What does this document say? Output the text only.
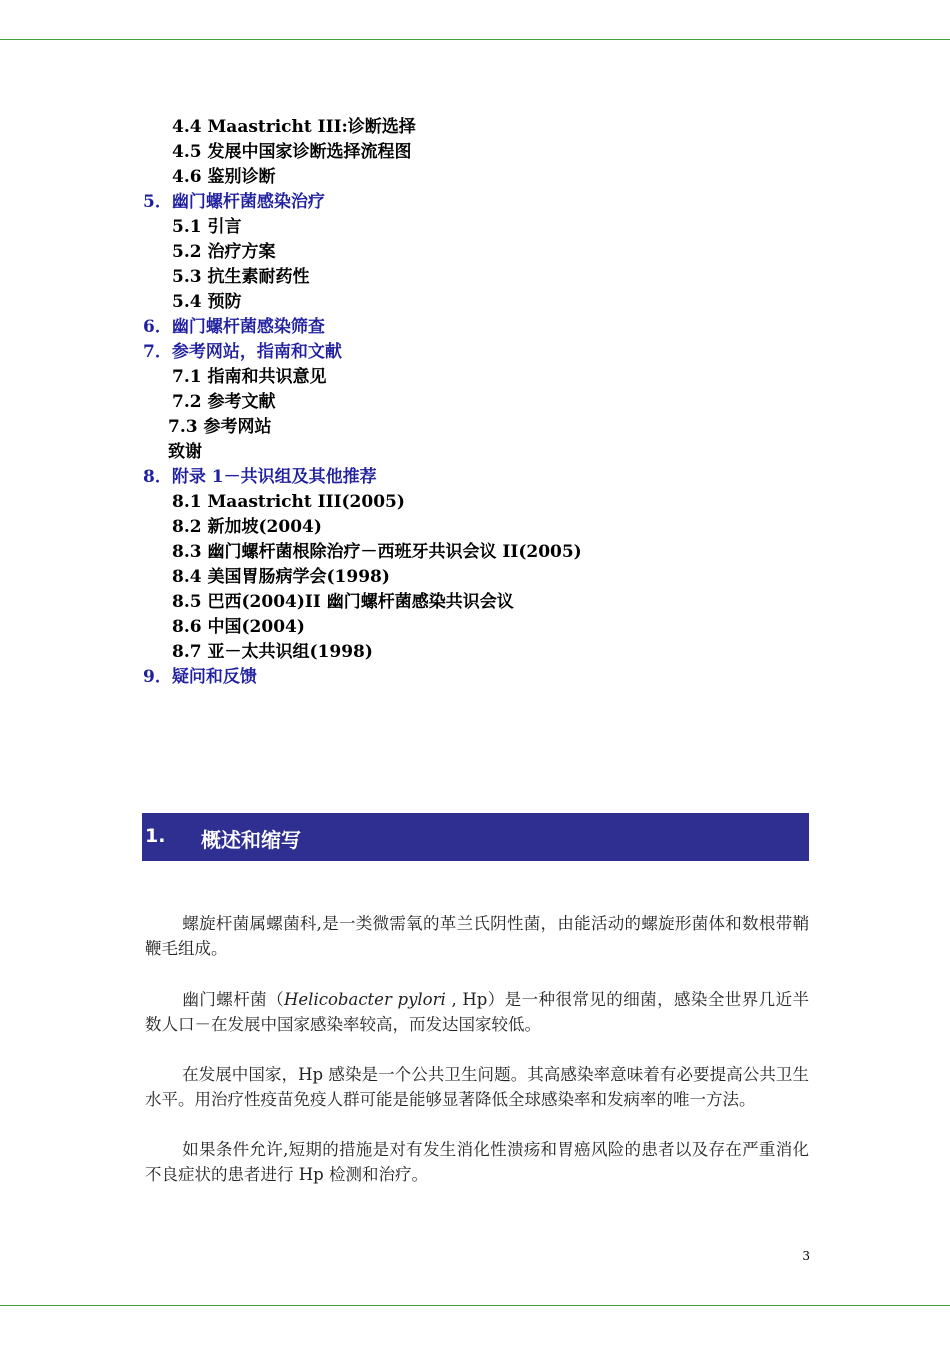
4.4 Maastricht III:诊断选择
4.5 发展中国家诊断选择流程图
4.6 鉴别诊断
5．幽门螺杆菌感染治疗
5.1 引言
5.2 治疗方案
5.3 抗生素耐药性
5.4 预防
6．幽门螺杆菌感染筛查
7．参考网站，指南和文献
7.1 指南和共识意见
7.2 参考文献
7.3 参考网站
致谢
8．附录 1－共识组及其他推荐
8.1 Maastricht III(2005)
8.2 新加坡(2004)
8.3 幽门螺杆菌根除治疗－西班牙共识会议 II(2005)
8.4 美国胃肠病学会(1998)
8.5 巴西(2004)II 幽门螺杆菌感染共识会议
8.6 中国(2004)
8.7 亚－太共识组(1998)
9．疑问和反馈
1. 概述和缩写
螺旋杆菌属螺菌科,是一类微需氧的革兰氏阴性菌，由能活动的螺旋形菌体和数根带鞘鞭毛组成。
幽门螺杆菌（Helicobacter pylori , Hp）是一种很常见的细菌，感染全世界几近半数人口－在发展中国家感染率较高，而发达国家较低。
在发展中国家，Hp 感染是一个公共卫生问题。其高感染率意味着有必要提高公共卫生水平。用治疗性疫苗免疫人群可能是能够显著降低全球感染率和发病率的唯一方法。
如果条件允许,短期的措施是对有发生消化性溃疡和胃癌风险的患者以及存在严重消化不良症状的患者进行 Hp 检测和治疗。
3
